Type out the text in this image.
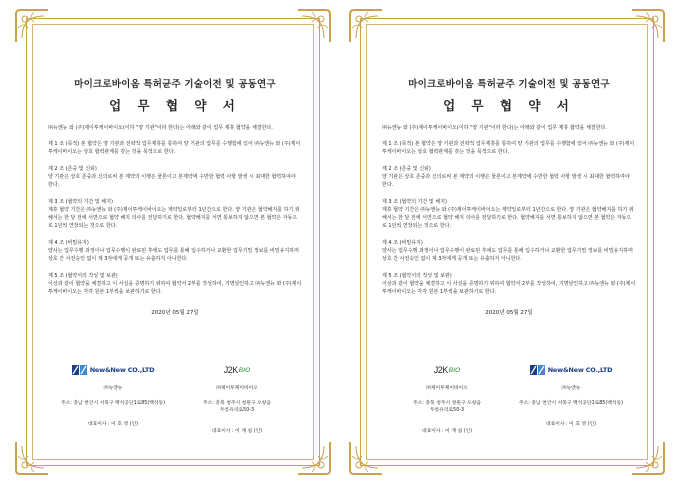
마이크로바이옴 특허균주 기술이전 및 공동연구
업 무 협 약 서
㈜뉴앤뉴 와 (주)제이투케이바이오(이하 "양 기관"이라 한다)는 아래와 같이 업무 제휴 협약을 체결한다.
제 1 조 (목적) 본 협약은 양 기관과 전략적 업무제휴를 통하여 양 기관의 업무를 수행함에 있어 ㈜뉴앤뉴 와 (주)제이투케이바이오는 상호 협력관계를 갖는 것을 목적으로 한다.
제 2 조 (존중 및 신뢰)
양 기관은 상호 존중과 신의로써 본 계약의 이행은 물론이고 본계약에 수반한 협력 사항 발생 시 최대한 협력하여야 한다.
제 3 조 (협약의 기간 및 해지)
제휴 협약 기간은 ㈜뉴앤뉴 와 (주)제이투케이바이오는 계약일로부터 1년간으로 한다. 양 기관은 협약해지를 하기 위해서는 한 달 전에 서면으로 협약 해지 의사를 전달하기로 한다. 협약해지를 서면 통보하지 않으면 본 협약은 자동으로 1년씩 연장되는 것으로 한다.
제 4 조 (비밀유지)
양사는 업무수행 과정이나 업무수행이 완료된 후에도 업무를 통해 입수하거나 교환한 업무기밀 정보를 비밀유지하며 상호 간 사전승인 없이 제 3자에게 공개 또는 유출하지 아니한다.
제 5 조 (협약서의 작성 및 보관)
이상과 같이 협약을 체결하고 이 사실을 증명하기 위하여 협약서 2부를 작성하여, 기명날인하고 ㈜뉴앤뉴 와 (주)제이투케이바이오는 각각 원본 1부씩을 보관하기로 한다.
2020년 05월 27일
New&New CO.,LTD
㈜뉴앤뉴
주소: 충남 천안시 서북구 백석공단1로85(백석동)
대표이사 : 이 호 영 (인)
J2K BIO
㈜제이투케이바이오
주소: 충북 청주시 청원구 오창읍
두릉유리로50-3
대표이사 : 이 재 섭 (인)
마이크로바이옴 특허균주 기술이전 및 공동연구
업 무 협 약 서
㈜뉴앤뉴 와 (주)제이투케이바이오(이하 "양 기관"이라 한다)는 아래와 같이 업무 제휴 협약을 체결한다.
제 1 조 (목적) 본 협약은 양 기관과 전략적 업무제휴를 통하여 양 기관의 업무를 수행함에 있어 ㈜뉴앤뉴 와 (주)제이투케이바이오는 상호 협력관계를 갖는 것을 목적으로 한다.
제 2 조 (존중 및 신뢰)
양 기관은 상호 존중과 신의로써 본 계약의 이행은 물론이고 본계약에 수반한 협력 사항 발생 시 최대한 협력하여야 한다.
제 3 조 (협약의 기간 및 해지)
제휴 협약 기간은 ㈜뉴앤뉴 와 (주)제이투케이바이오는 계약일로부터 1년간으로 한다. 양 기관은 협약해지를 하기 위해서는 한 달 전에 서면으로 협약 해지 의사를 전달하기로 한다. 협약해지를 서면 통보하지 않으면 본 협약은 자동으로 1년씩 연장되는 것으로 한다.
제 4 조 (비밀유지)
양사는 업무수행 과정이나 업무수행이 완료된 후에도 업무를 통해 입수하거나 교환한 업무기밀 정보를 비밀유지하며 상호 간 사전승인 없이 제 3자에게 공개 또는 유출하지 아니한다.
제 5 조 (협약서의 작성 및 보관)
이상과 같이 협약을 체결하고 이 사실을 증명하기 위하여 협약서 2부를 작성하여, 기명날인하고 ㈜뉴앤뉴 와 (주)제이투케이바이오는 각각 원본 1부씩을 보관하기로 한다.
2020년 05월 27일
J2K BIO
㈜제이투케이바이오
주소: 충북 청주시 청원구 오창읍
두릉유리로50-3
대표이사 : 이 재 섭 (인)
New&New CO.,LTD
㈜뉴앤뉴
주소: 충남 천안시 서북구 백석공단1로85(백석동)
대표이사 : 이 호 영 (인)
